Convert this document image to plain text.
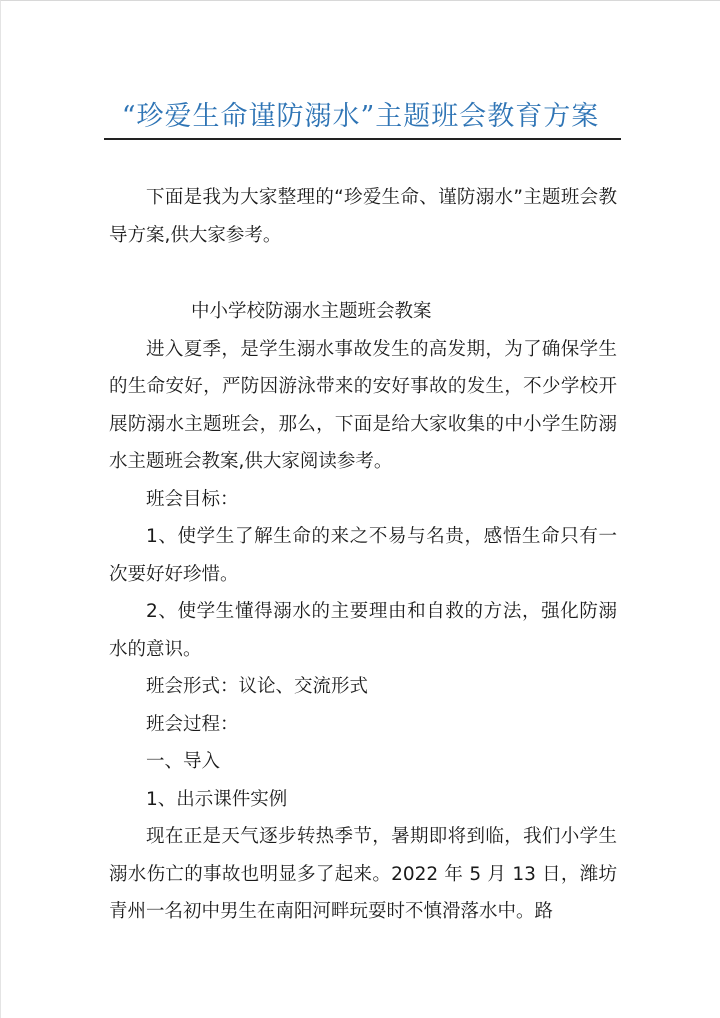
“珍爱生命谨防溺水”主题班会教育方案

下面是我为大家整理的“珍爱生命、谨防溺水”主题班会教导方案,供大家参考。

中小学校防溺水主题班会教案

进入夏季，是学生溺水事故发生的高发期，为了确保学生的生命安好，严防因游泳带来的安好事故的发生，不少学校开展防溺水主题班会，那么，下面是给大家收集的中小学生防溺水主题班会教案,供大家阅读参考。

班会目标：

1、使学生了解生命的来之不易与名贵，感悟生命只有一次要好好珍惜。

2、使学生懂得溺水的主要理由和自救的方法，强化防溺水的意识。

班会形式：议论、交流形式

班会过程：

一、导入

1、出示课件实例

现在正是天气逐步转热季节，暑期即将到临，我们小学生溺水伤亡的事故也明显多了起来。2022 年 5 月 13 日，潍坊青州一名初中男生在南阳河畔玩耍时不慎滑落水中。路
